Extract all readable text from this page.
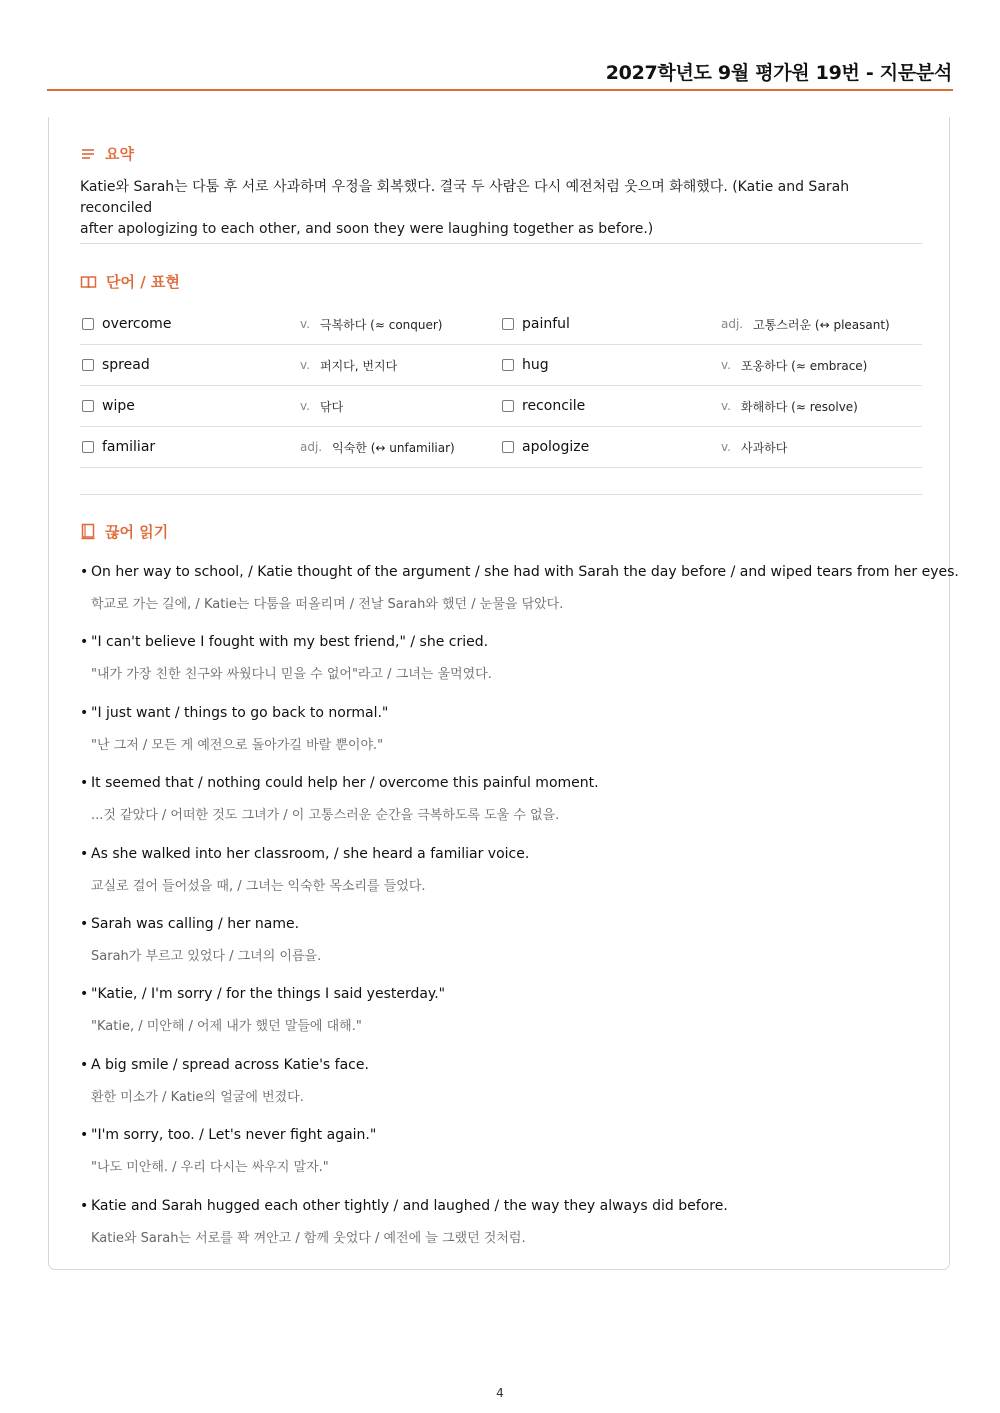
2027학년도 9월 평가원 19번 - 지문분석
요약
Katie와 Sarah는 다툼 후 서로 사과하며 우정을 회복했다. 결국 두 사람은 다시 예전처럼 웃으며 화해했다. (Katie and Sarah reconciled
after apologizing to each other, and soon they were laughing together as before.)
단어 / 표현
overcome	v. 극복하다 (≈ conquer)	painful	adj. 고통스러운 (↔ pleasant)
spread	v. 퍼지다, 번지다	hug	v. 포옹하다 (≈ embrace)
wipe	v. 닦다	reconcile	v. 화해하다 (≈ resolve)
familiar	adj. 익숙한 (↔ unfamiliar)	apologize	v. 사과하다
끊어 읽기
• On her way to school, / Katie thought of the argument / she had with Sarah the day before / and wiped tears from her eyes.
학교로 가는 길에, / Katie는 다툼을 떠올리며 / 전날 Sarah와 했던 / 눈물을 닦았다.
• "I can't believe I fought with my best friend," / she cried.
"내가 가장 친한 친구와 싸웠다니 믿을 수 없어"라고 / 그녀는 울먹였다.
• "I just want / things to go back to normal."
"난 그저 / 모든 게 예전으로 돌아가길 바랄 뿐이야."
• It seemed that / nothing could help her / overcome this painful moment.
...것 같았다 / 어떠한 것도 그녀가 / 이 고통스러운 순간을 극복하도록 도울 수 없을.
• As she walked into her classroom, / she heard a familiar voice.
교실로 걸어 들어섰을 때, / 그녀는 익숙한 목소리를 들었다.
• Sarah was calling / her name.
Sarah가 부르고 있었다 / 그녀의 이름을.
• "Katie, / I'm sorry / for the things I said yesterday."
"Katie, / 미안해 / 어제 내가 했던 말들에 대해."
• A big smile / spread across Katie's face.
환한 미소가 / Katie의 얼굴에 번졌다.
• "I'm sorry, too. / Let's never fight again."
"나도 미안해. / 우리 다시는 싸우지 말자."
• Katie and Sarah hugged each other tightly / and laughed / the way they always did before.
Katie와 Sarah는 서로를 꽉 껴안고 / 함께 웃었다 / 예전에 늘 그랬던 것처럼.
4
